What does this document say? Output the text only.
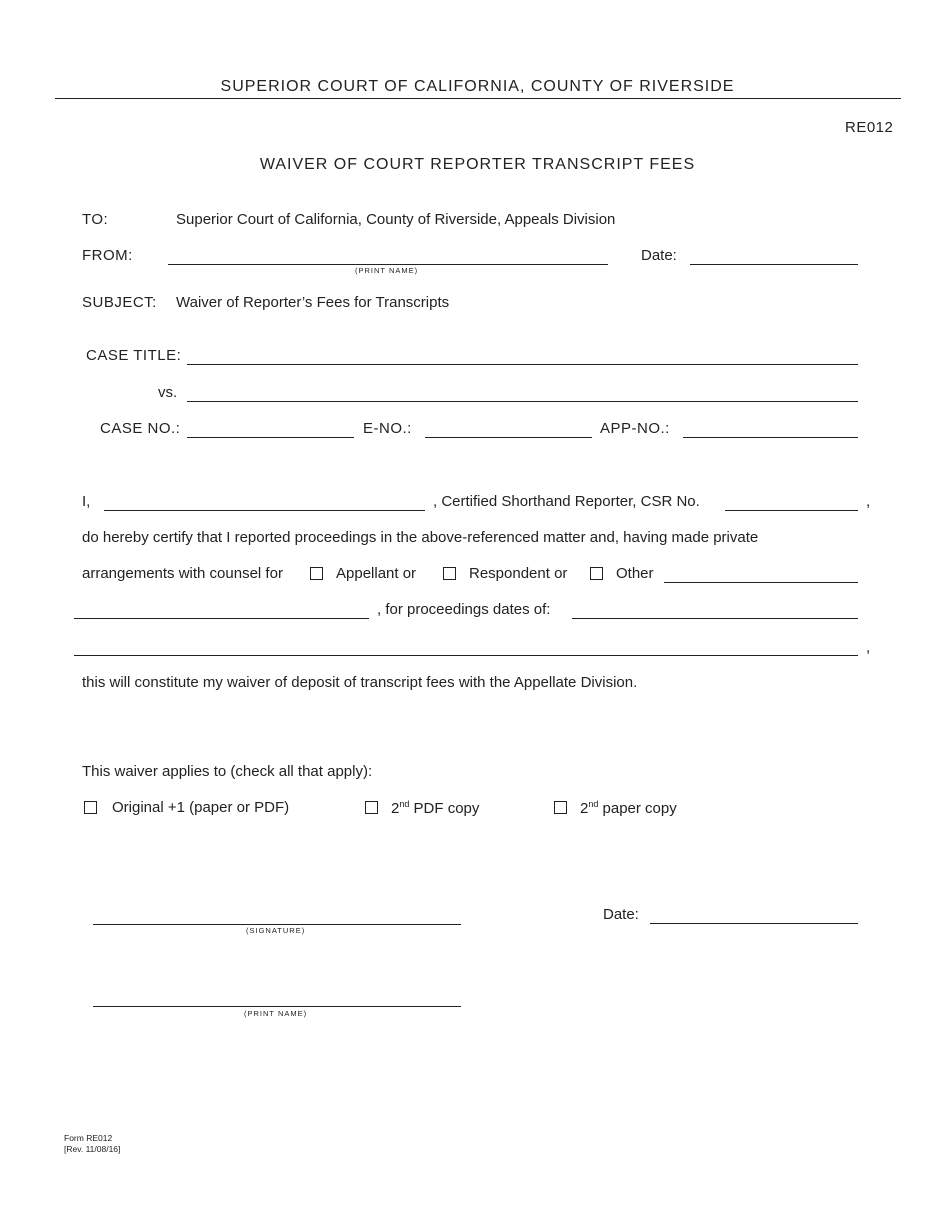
SUPERIOR COURT OF CALIFORNIA, COUNTY OF RIVERSIDE
RE012
WAIVER OF COURT REPORTER TRANSCRIPT FEES
TO:	Superior Court of California, County of Riverside, Appeals Division
FROM:
(PRINT NAME)
Date:
SUBJECT: Waiver of Reporter’s Fees for Transcripts
CASE TITLE:
vs.
CASE NO.:	E-NO.:	APP-NO.:
I,	, Certified Shorthand Reporter, CSR No.	,
do hereby certify that I reported proceedings in the above-referenced matter and, having made private
arrangements with counsel for	Appellant or	Respondent or	Other
, for proceedings dates of:
,
this will constitute my waiver of deposit of transcript fees with the Appellate Division.
This waiver applies to (check all that apply):
Original +1 (paper or PDF)	2nd PDF copy	2nd paper copy
(SIGNATURE)
Date:
(PRINT NAME)
Form RE012
[Rev. 11/08/16]
